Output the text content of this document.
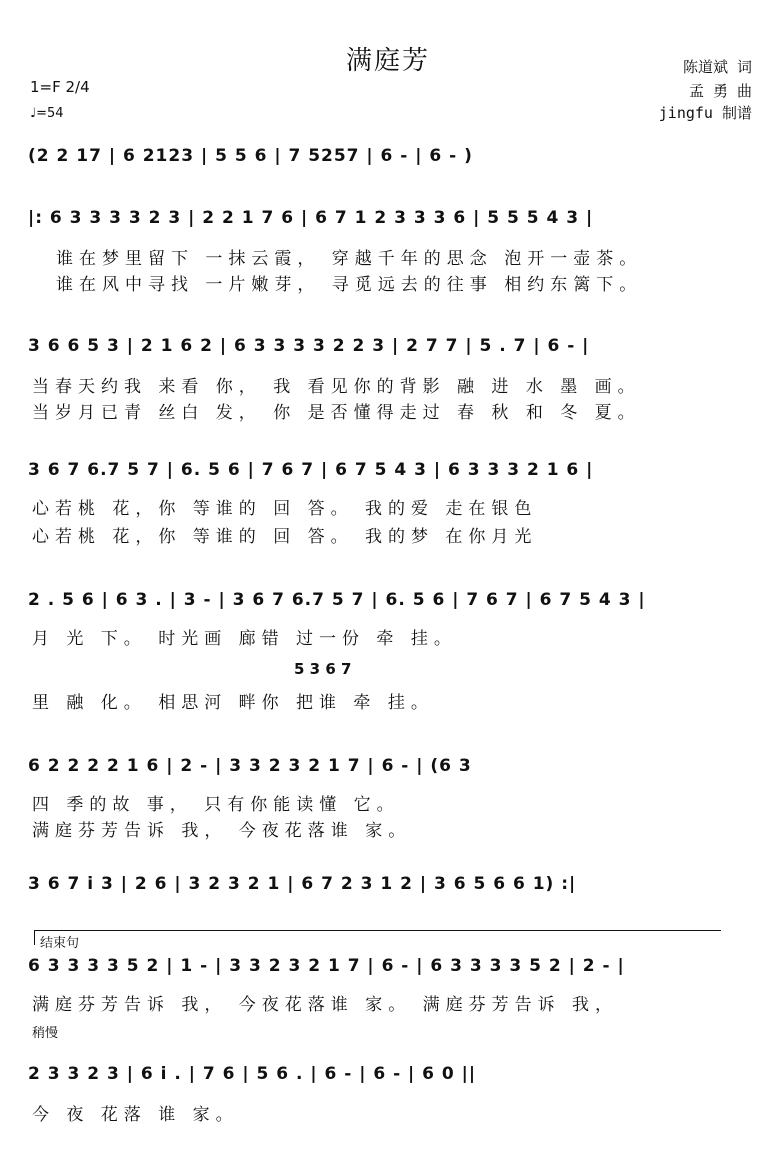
满庭芳	陈道斌 词
孟 勇 曲
jingfu 制谱
1=F 2/4
♩=54
(2 2 17 | 6 2123 | 5 5 6 | 7 5257 | 6 - | 6 - )
|: 6 3 3 3 3 2 3 | 2 2 1 7 6 | 6 7 1 2 3 3 3 6 | 5 5 5 4 3 |
谁在梦里留下 一抹云霞， 穿越千年的思念 泡开一壶茶。
谁在风中寻找 一片嫩芽， 寻觅远去的往事 相约东篱下。
3 6 6 5 3 | 2 1 6 2 | 6 3 3 3 3 2 2 3 | 2 7 7 | 5 . 7 | 6 - |
当春天约我 来看 你， 我 看见你的背影 融 进 水 墨 画。
当岁月已青 丝白 发， 你 是否懂得走过 春 秋 和 冬 夏。
3 6 7 6.7 5 7 | 6. 5 6 | 7 6 7 | 6 7 5 4 3 | 6 3 3 3 2 1 6 |
心若桃 花，你 等谁的 回 答。 我的爱 走在银色
心若桃 花，你 等谁的 回 答。 我的梦 在你月光
2 . 5 6 | 6 3 . | 3 - | 3 6 7 6.7 5 7 | 6. 5 6 | 7 6 7 | 6 7 5 4 3 |
月 光 下。 时光画 廊错 过一份 牵 挂。
5 3 6 7
里 融 化。 相思河 畔你 把谁 牵 挂。
6 2 2 2 2 1 6 | 2 - | 3 3 2 3 2 1 7 | 6 - | (6 3
四 季的故 事， 只有你能读懂 它。
满庭芬芳告诉 我， 今夜花落谁 家。
3 6 7 i 3 | 2 6 | 3 2 3 2 1 | 6 7 2 3 1 2 | 3 6 5 6 6 1) :|
结束句
6 3 3 3 3 5 2 | 1 - | 3 3 2 3 2 1 7 | 6 - | 6 3 3 3 3 5 2 | 2 - |
满庭芬芳告诉 我， 今夜花落谁 家。 满庭芬芳告诉 我，
稍慢
2 3 3 2 3 | 6 i . | 7 6 | 5 6 . | 6 - | 6 - | 6 0 ||
今 夜 花落 谁 家。
